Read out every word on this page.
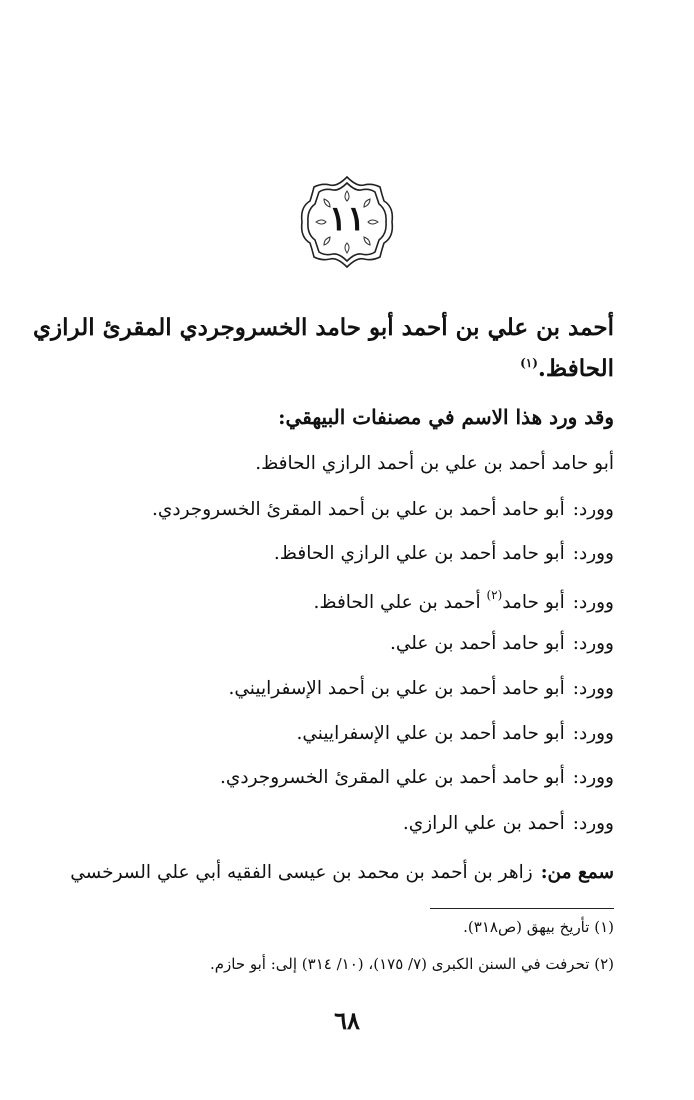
١١
أحمد بن علي بن أحمد أبو حامد الخسروجردي المقرئ الرازي
الحافظ.$^{(١)}$
وقد ورد هذا الاسم في مصنفات البيهقي:
أبو حامد أحمد بن علي بن أحمد الرازي الحافظ.
وورد:أبو حامد أحمد بن علي بن أحمد المقرئ الخسروجردي.
وورد:أبو حامد أحمد بن علي الرازي الحافظ.
وورد:أبو حامد$^{(٢)}$ أحمد بن علي الحافظ.
وورد:أبو حامد أحمد بن علي.
وورد:أبو حامد أحمد بن علي بن أحمد الإسفراييني.
وورد:أبو حامد أحمد بن علي الإسفراييني.
وورد:أبو حامد أحمد بن علي المقرئ الخسروجردي.
وورد:أحمد بن علي الرازي.
سمع من:زاهر بن أحمد بن محمد بن عيسى الفقيه أبي علي السرخسي
(١) تأريخ بيهق (ص٣١٨).
(٢) تحرفت في السنن الكبرى (٧/ ١٧٥)، (١٠/ ٣١٤) إلى: أبو حازم.
٦٨
